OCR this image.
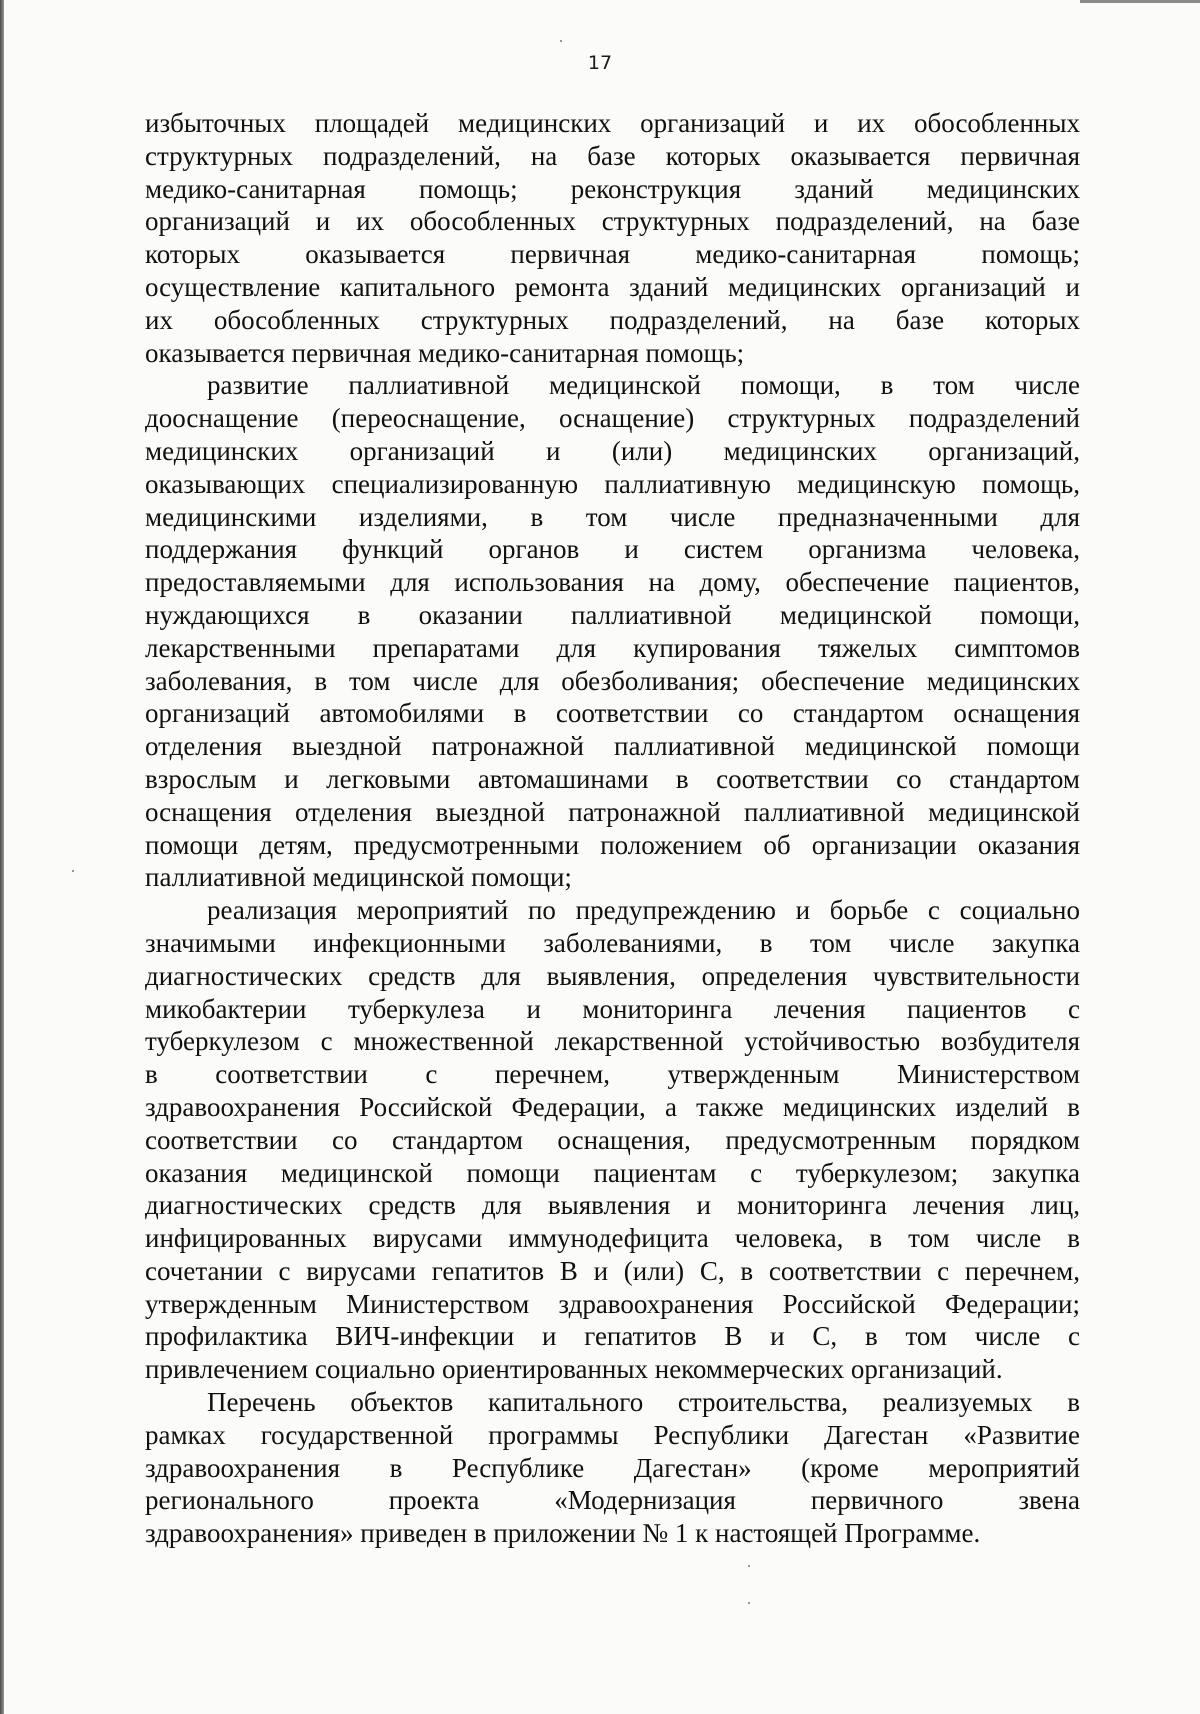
17
избыточных площадей медицинских организаций и их обособленных
структурных подразделений, на базе которых оказывается первичная
медико-санитарная помощь; реконструкция зданий медицинских
организаций и их обособленных структурных подразделений, на базе
которых оказывается первичная медико-санитарная помощь;
осуществление капитального ремонта зданий медицинских организаций и
их обособленных структурных подразделений, на базе которых
оказывается первичная медико-санитарная помощь;
развитие паллиативной медицинской помощи, в том числе
дооснащение (переоснащение, оснащение) структурных подразделений
медицинских организаций и (или) медицинских организаций,
оказывающих специализированную паллиативную медицинскую помощь,
медицинскими изделиями, в том числе предназначенными для
поддержания функций органов и систем организма человека,
предоставляемыми для использования на дому, обеспечение пациентов,
нуждающихся в оказании паллиативной медицинской помощи,
лекарственными препаратами для купирования тяжелых симптомов
заболевания, в том числе для обезболивания; обеспечение медицинских
организаций автомобилями в соответствии со стандартом оснащения
отделения выездной патронажной паллиативной медицинской помощи
взрослым и легковыми автомашинами в соответствии со стандартом
оснащения отделения выездной патронажной паллиативной медицинской
помощи детям, предусмотренными положением об организации оказания
паллиативной медицинской помощи;
реализация мероприятий по предупреждению и борьбе с социально
значимыми инфекционными заболеваниями, в том числе закупка
диагностических средств для выявления, определения чувствительности
микобактерии туберкулеза и мониторинга лечения пациентов с
туберкулезом с множественной лекарственной устойчивостью возбудителя
в соответствии с перечнем, утвержденным Министерством
здравоохранения Российской Федерации, а также медицинских изделий в
соответствии со стандартом оснащения, предусмотренным порядком
оказания медицинской помощи пациентам с туберкулезом; закупка
диагностических средств для выявления и мониторинга лечения лиц,
инфицированных вирусами иммунодефицита человека, в том числе в
сочетании с вирусами гепатитов В и (или) С, в соответствии с перечнем,
утвержденным Министерством здравоохранения Российской Федерации;
профилактика ВИЧ-инфекции и гепатитов В и С, в том числе с
привлечением социально ориентированных некоммерческих организаций.
Перечень объектов капитального строительства, реализуемых в
рамках государственной программы Республики Дагестан «Развитие
здравоохранения в Республике Дагестан» (кроме мероприятий
регионального проекта «Модернизация первичного звена
здравоохранения» приведен в приложении № 1 к настоящей Программе.
